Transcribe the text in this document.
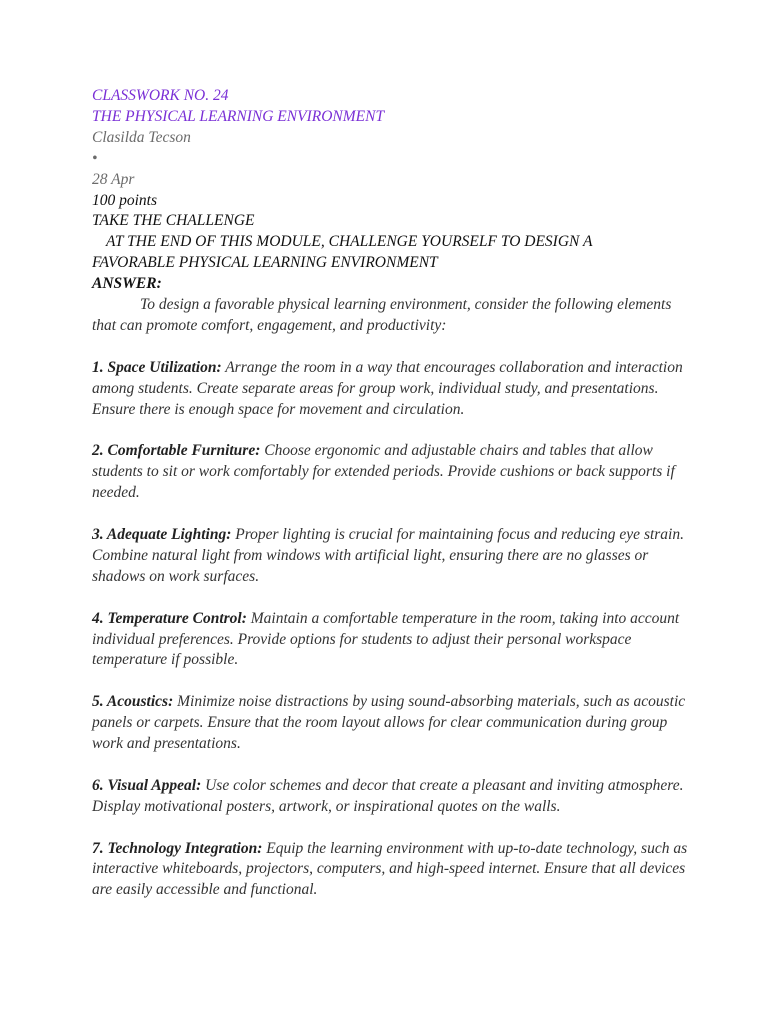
CLASSWORK NO. 24
THE PHYSICAL LEARNING ENVIRONMENT
Clasilda Tecson
•
28 Apr
100 points
TAKE THE CHALLENGE
AT THE END OF THIS MODULE, CHALLENGE YOURSELF TO DESIGN A
FAVORABLE PHYSICAL LEARNING ENVIRONMENT
ANSWER:
To design a favorable physical learning environment, consider the following elements that can promote comfort, engagement, and productivity:
1. Space Utilization: Arrange the room in a way that encourages collaboration and interaction among students. Create separate areas for group work, individual study, and presentations. Ensure there is enough space for movement and circulation.
2. Comfortable Furniture: Choose ergonomic and adjustable chairs and tables that allow students to sit or work comfortably for extended periods. Provide cushions or back supports if needed.
3. Adequate Lighting: Proper lighting is crucial for maintaining focus and reducing eye strain. Combine natural light from windows with artificial light, ensuring there are no glasses or shadows on work surfaces.
4. Temperature Control: Maintain a comfortable temperature in the room, taking into account individual preferences. Provide options for students to adjust their personal workspace temperature if possible.
5. Acoustics: Minimize noise distractions by using sound-absorbing materials, such as acoustic panels or carpets. Ensure that the room layout allows for clear communication during group work and presentations.
6. Visual Appeal: Use color schemes and decor that create a pleasant and inviting atmosphere. Display motivational posters, artwork, or inspirational quotes on the walls.
7. Technology Integration: Equip the learning environment with up-to-date technology, such as interactive whiteboards, projectors, computers, and high-speed internet. Ensure that all devices are easily accessible and functional.
